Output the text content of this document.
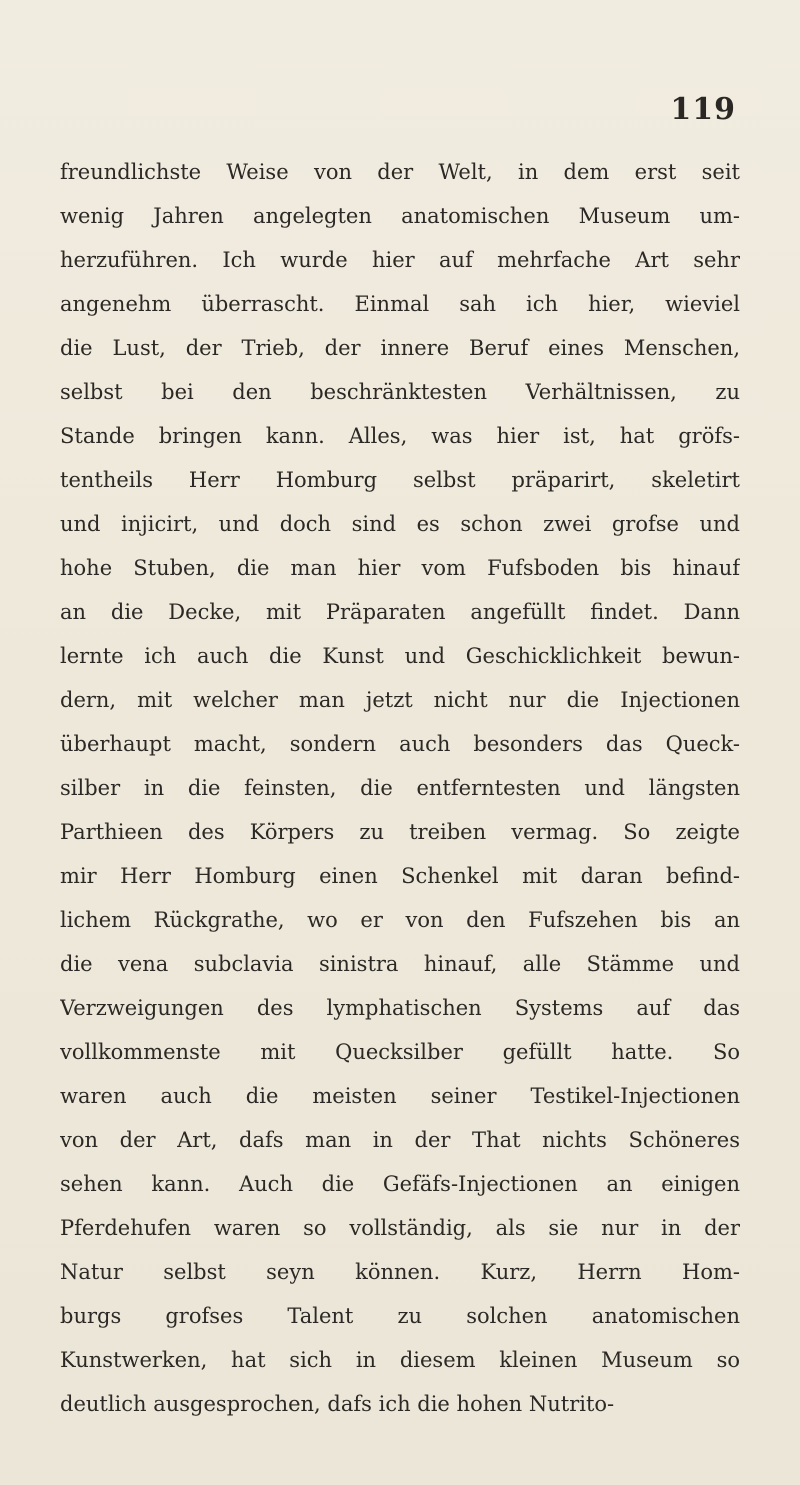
119
freundlichste Weise von der Welt, in dem erst seit
wenig Jahren angelegten anatomischen Museum um-
herzuführen. Ich wurde hier auf mehrfache Art sehr
angenehm überrascht. Einmal sah ich hier, wieviel
die Lust, der Trieb, der innere Beruf eines Menschen,
selbst bei den beschränktesten Verhältnissen, zu
Stande bringen kann. Alles, was hier ist, hat gröfs-
tentheils Herr Homburg selbst präparirt, skeletirt
und injicirt, und doch sind es schon zwei grofse und
hohe Stuben, die man hier vom Fufsboden bis hinauf
an die Decke, mit Präparaten angefüllt findet. Dann
lernte ich auch die Kunst und Geschicklichkeit bewun-
dern, mit welcher man jetzt nicht nur die Injectionen
überhaupt macht, sondern auch besonders das Queck-
silber in die feinsten, die entferntesten und längsten
Parthieen des Körpers zu treiben vermag. So zeigte
mir Herr Homburg einen Schenkel mit daran befind-
lichem Rückgrathe, wo er von den Fufszehen bis an
die vena subclavia sinistra hinauf, alle Stämme und
Verzweigungen des lymphatischen Systems auf das
vollkommenste mit Quecksilber gefüllt hatte. So
waren auch die meisten seiner Testikel-Injectionen
von der Art, dafs man in der That nichts Schöneres
sehen kann. Auch die Gefäfs-Injectionen an einigen
Pferdehufen waren so vollständig, als sie nur in der
Natur selbst seyn können. Kurz, Herrn Hom-
burgs grofses Talent zu solchen anatomischen
Kunstwerken, hat sich in diesem kleinen Museum so
deutlich ausgesprochen, dafs ich die hohen Nutrito-
